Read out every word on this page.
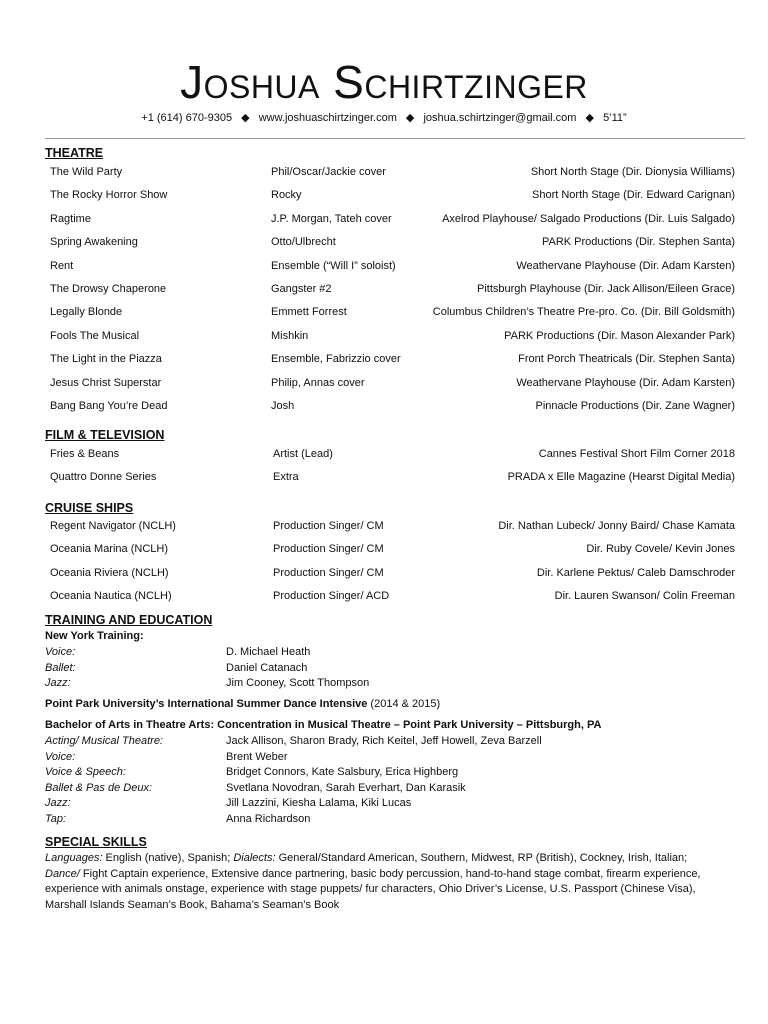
Joshua Schirtzinger
+1 (614) 670-9305 ◆ www.joshuaschirtzinger.com ◆ joshua.schirtzinger@gmail.com ◆ 5’11”
THEATRE
The Wild Party	Phil/Oscar/Jackie cover	Short North Stage (Dir. Dionysia Williams)
The Rocky Horror Show	Rocky	Short North Stage (Dir. Edward Carignan)
Ragtime	J.P. Morgan, Tateh cover	Axelrod Playhouse/ Salgado Productions (Dir. Luis Salgado)
Spring Awakening	Otto/Ulbrecht	PARK Productions (Dir. Stephen Santa)
Rent	Ensemble (“Will I” soloist)	Weathervane Playhouse (Dir. Adam Karsten)
The Drowsy Chaperone	Gangster #2	Pittsburgh Playhouse (Dir. Jack Allison/Eileen Grace)
Legally Blonde	Emmett Forrest	Columbus Children’s Theatre Pre-pro. Co. (Dir. Bill Goldsmith)
Fools The Musical	Mishkin	PARK Productions (Dir. Mason Alexander Park)
The Light in the Piazza	Ensemble, Fabrizzio cover	Front Porch Theatricals (Dir. Stephen Santa)
Jesus Christ Superstar	Philip, Annas cover	Weathervane Playhouse (Dir. Adam Karsten)
Bang Bang You’re Dead	Josh	Pinnacle Productions (Dir. Zane Wagner)
FILM & TELEVISION
Fries & Beans	Artist (Lead)	Cannes Festival Short Film Corner 2018
Quattro Donne Series	Extra	PRADA x Elle Magazine (Hearst Digital Media)
CRUISE SHIPS
Regent Navigator (NCLH)	Production Singer/ CM	Dir. Nathan Lubeck/ Jonny Baird/ Chase Kamata
Oceania Marina (NCLH)	Production Singer/ CM	Dir. Ruby Covele/ Kevin Jones
Oceania Riviera (NCLH)	Production Singer/ CM	Dir. Karlene Pektus/ Caleb Damschroder
Oceania Nautica (NCLH)	Production Singer/ ACD	Dir. Lauren Swanson/ Colin Freeman
TRAINING AND EDUCATION
New York Training:
Voice:	D. Michael Heath
Ballet:	Daniel Catanach
Jazz:	Jim Cooney, Scott Thompson
Point Park University’s International Summer Dance Intensive (2014 & 2015)
Bachelor of Arts in Theatre Arts: Concentration in Musical Theatre – Point Park University – Pittsburgh, PA
Acting/ Musical Theatre:	Jack Allison, Sharon Brady, Rich Keitel, Jeff Howell, Zeva Barzell
Voice:	Brent Weber
Voice & Speech:	Bridget Connors, Kate Salsbury, Erica Highberg
Ballet & Pas de Deux:	Svetlana Novodran, Sarah Everhart, Dan Karasik
Jazz:	Jill Lazzini, Kiesha Lalama, Kiki Lucas
Tap:	Anna Richardson
SPECIAL SKILLS
Languages: English (native), Spanish; Dialects: General/Standard American, Southern, Midwest, RP (British), Cockney, Irish, Italian; Dance/ Fight Captain experience, Extensive dance partnering, basic body percussion, hand-to-hand stage combat, firearm experience, experience with animals onstage, experience with stage puppets/ fur characters, Ohio Driver’s License, U.S. Passport (Chinese Visa), Marshall Islands Seaman’s Book, Bahama’s Seaman’s Book
